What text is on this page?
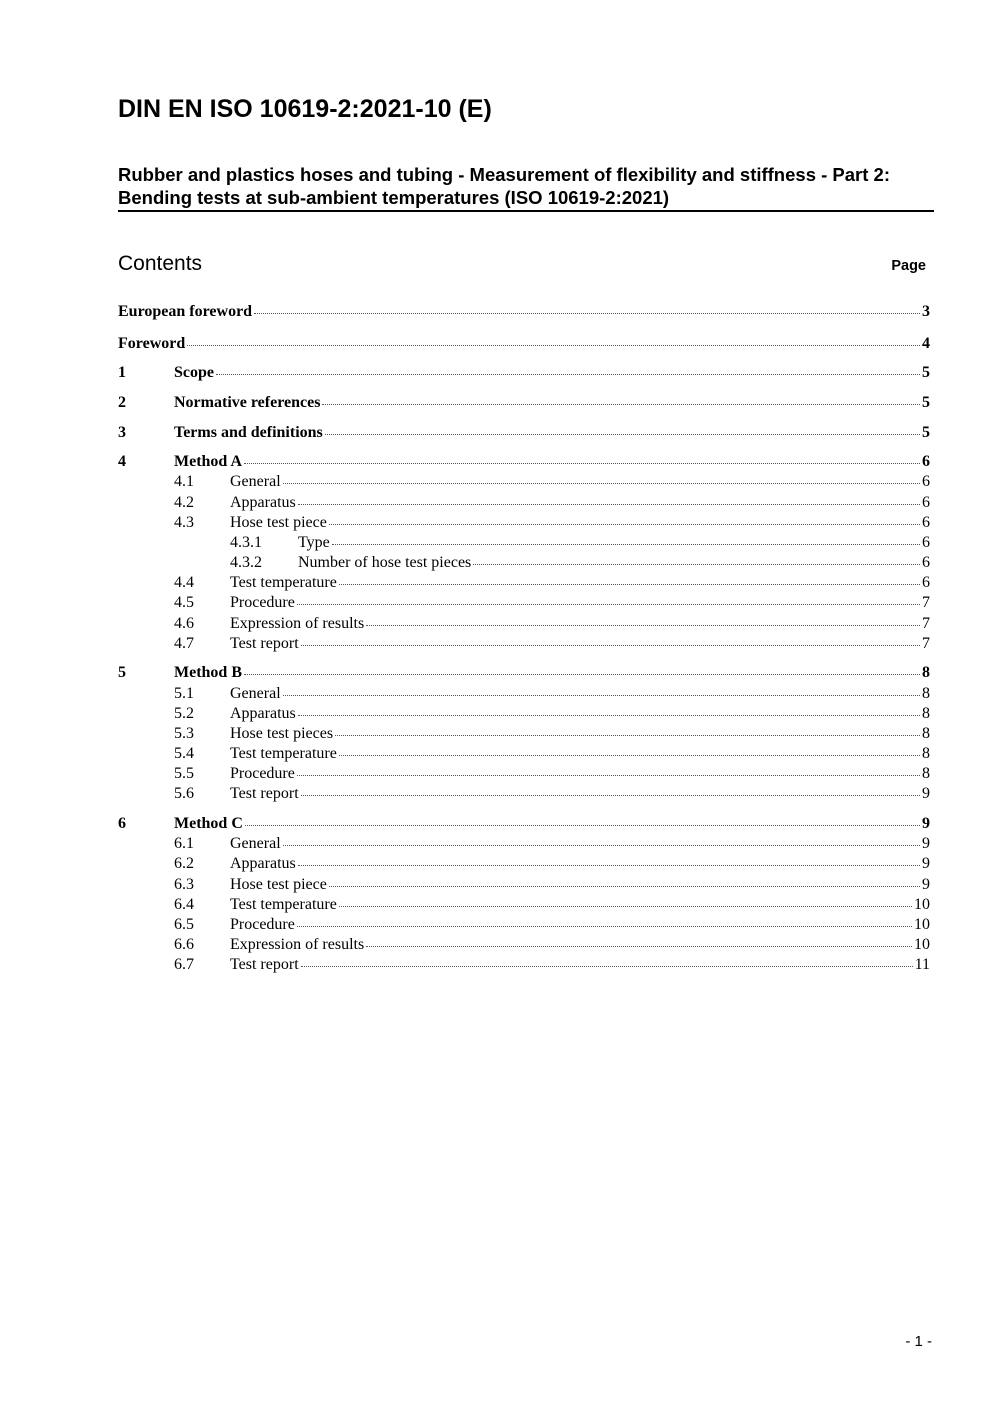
DIN EN ISO 10619-2:2021-10 (E)
Rubber and plastics hoses and tubing - Measurement of flexibility and stiffness - Part 2: Bending tests at sub-ambient temperatures (ISO 10619-2:2021)
Contents	Page
European foreword	3
Foreword	4
1	Scope	5
2	Normative references	5
3	Terms and definitions	5
4	Method A	6
4.1 General	6
4.2 Apparatus	6
4.3 Hose test piece	6
4.3.1 Type	6
4.3.2 Number of hose test pieces	6
4.4 Test temperature	6
4.5 Procedure	7
4.6 Expression of results	7
4.7 Test report	7
5	Method B	8
5.1 General	8
5.2 Apparatus	8
5.3 Hose test pieces	8
5.4 Test temperature	8
5.5 Procedure	8
5.6 Test report	9
6	Method C	9
6.1 General	9
6.2 Apparatus	9
6.3 Hose test piece	9
6.4 Test temperature	10
6.5 Procedure	10
6.6 Expression of results	10
6.7 Test report	11
- 1 -
